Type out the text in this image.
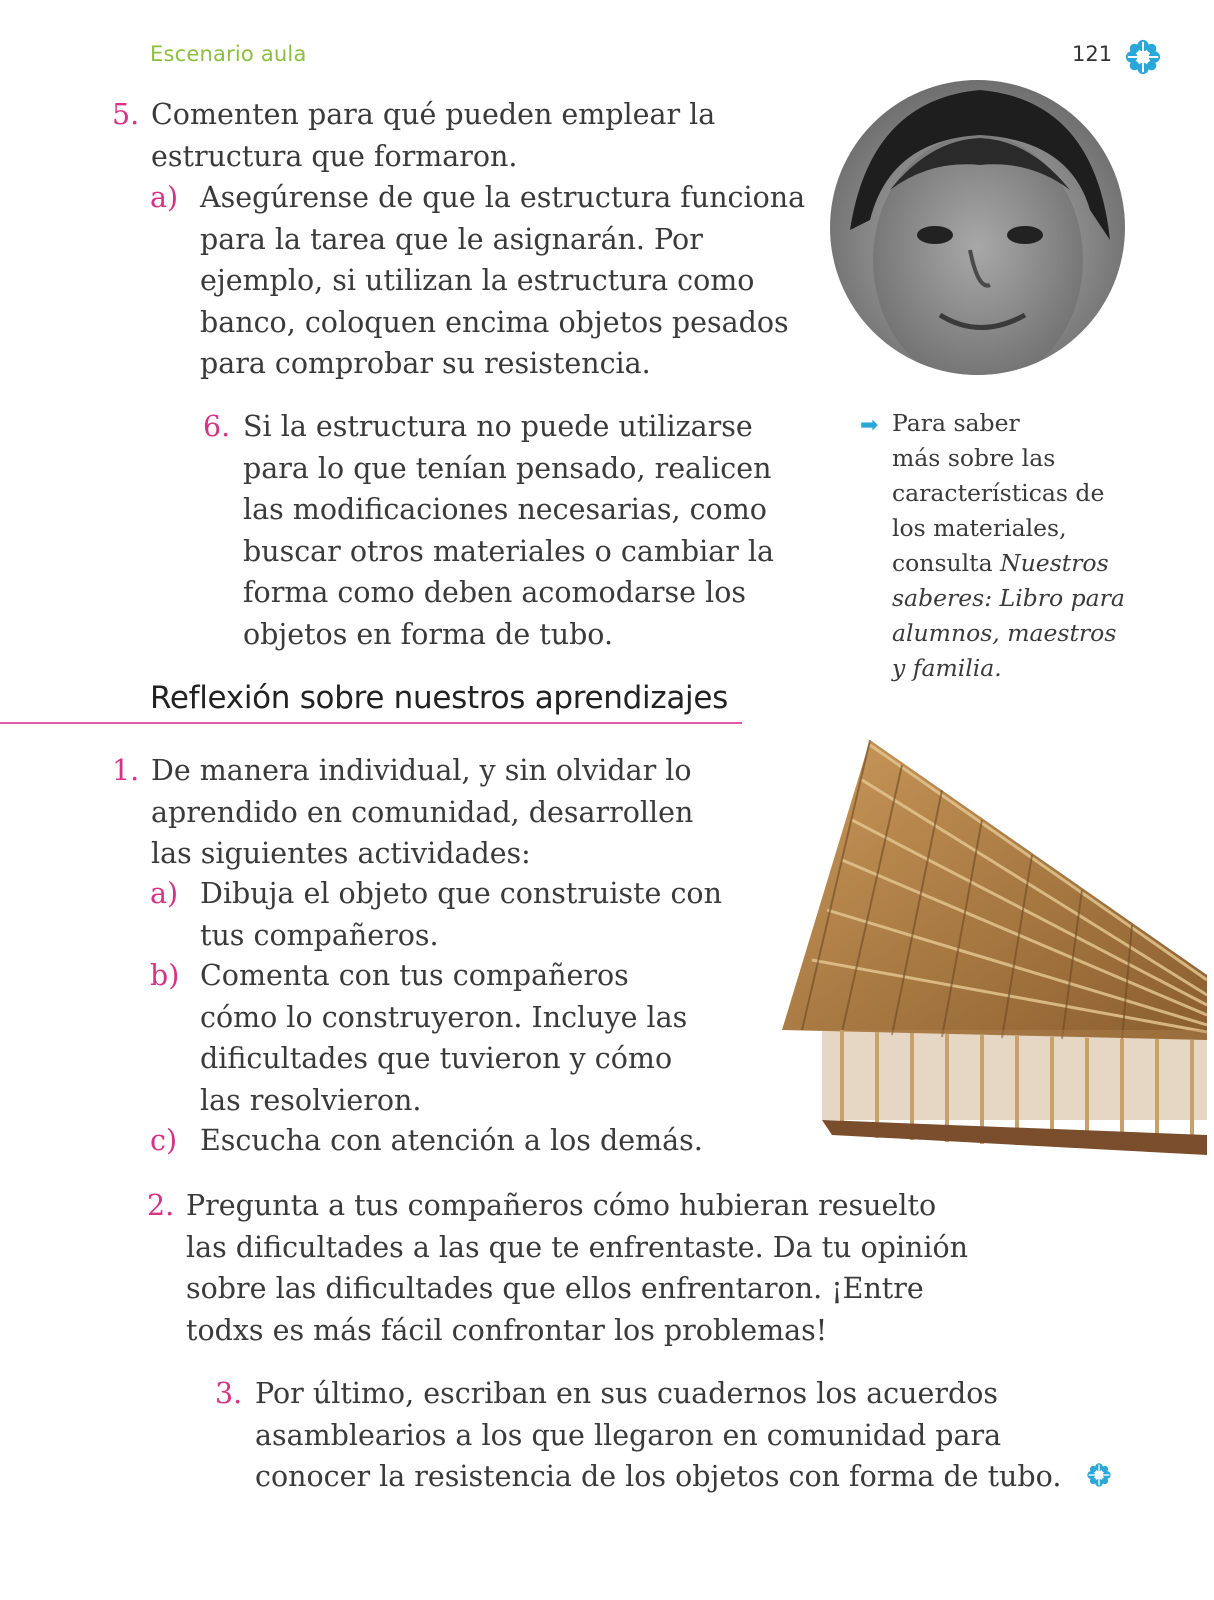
Escenario aula	121
5. Comenten para qué pueden emplear la
estructura que formaron.
a) Asegúrense de que la estructura funciona
para la tarea que le asignarán. Por
ejemplo, si utilizan la estructura como
banco, coloquen encima objetos pesados
para comprobar su resistencia.
6. Si la estructura no puede utilizarse
para lo que tenían pensado, realicen
las modificaciones necesarias, como
buscar otros materiales o cambiar la
forma como deben acomodarse los
objetos en forma de tubo.
➡ Para saber
más sobre las
características de
los materiales,
consulta Nuestros
saberes: Libro para
alumnos, maestros
y familia.
Reflexión sobre nuestros aprendizajes
1. De manera individual, y sin olvidar lo
aprendido en comunidad, desarrollen
las siguientes actividades:
a) Dibuja el objeto que construiste con
tus compañeros.
b) Comenta con tus compañeros
cómo lo construyeron. Incluye las
dificultades que tuvieron y cómo
las resolvieron.
c) Escucha con atención a los demás.
2. Pregunta a tus compañeros cómo hubieran resuelto
las dificultades a las que te enfrentaste. Da tu opinión
sobre las dificultades que ellos enfrentaron. ¡Entre
todxs es más fácil confrontar los problemas!
3. Por último, escriban en sus cuadernos los acuerdos
asamblearios a los que llegaron en comunidad para
conocer la resistencia de los objetos con forma de tubo.
